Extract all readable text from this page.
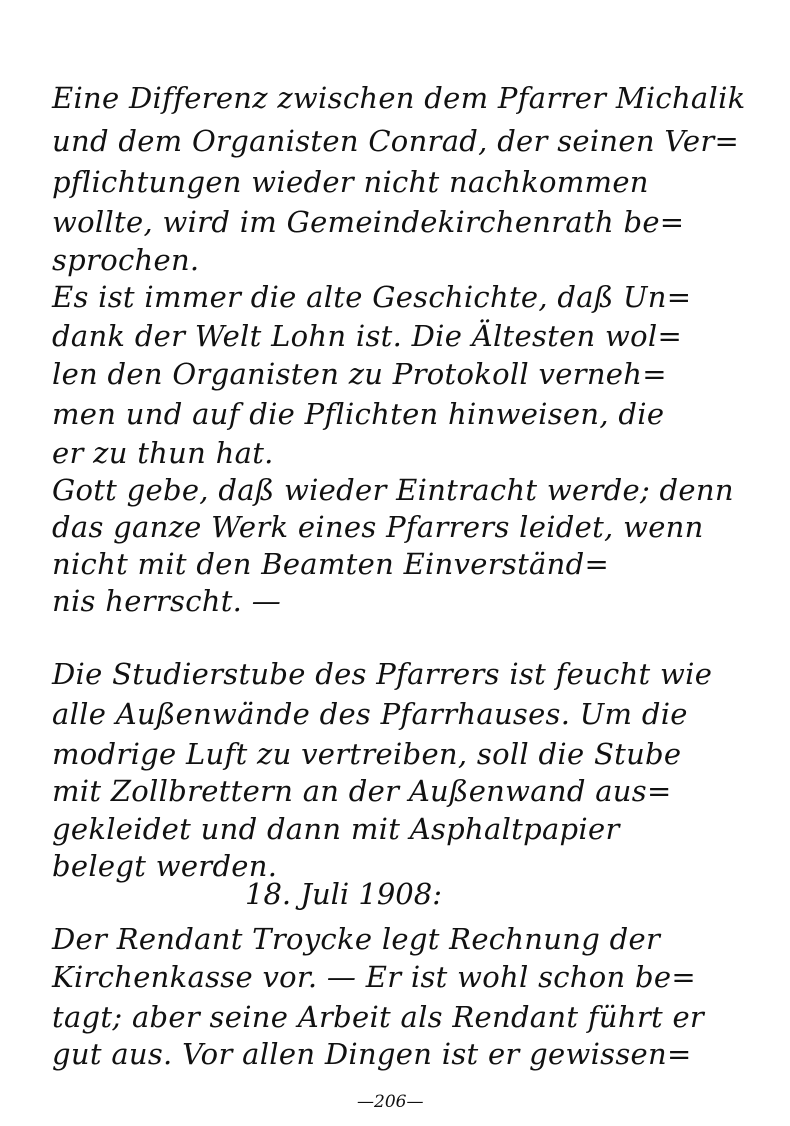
Eine Differenz zwischen dem Pfarrer Michalik
und dem Organisten Conrad, der seinen Ver=
pflichtungen wieder nicht nachkommen
wollte, wird im Gemeindekirchenrath be=
sprochen.
Es ist immer die alte Geschichte, daß Un=
dank der Welt Lohn ist. Die Ältesten wol=
len den Organisten zu Protokoll verneh=
men und auf die Pflichten hinweisen, die
er zu thun hat.
Gott gebe, daß wieder Eintracht werde; denn
das ganze Werk eines Pfarrers leidet, wenn
nicht mit den Beamten Einverständ=
nis herrscht. —
Die Studierstube des Pfarrers ist feucht wie
alle Außenwände des Pfarrhauses. Um die
modrige Luft zu vertreiben, soll die Stube
mit Zollbrettern an der Außenwand aus=
gekleidet und dann mit Asphaltpapier
belegt werden.
18. Juli 1908:
Der Rendant Troycke legt Rechnung der
Kirchenkasse vor. — Er ist wohl schon be=
tagt; aber seine Arbeit als Rendant führt er
gut aus. Vor allen Dingen ist er gewissen=
—206—
